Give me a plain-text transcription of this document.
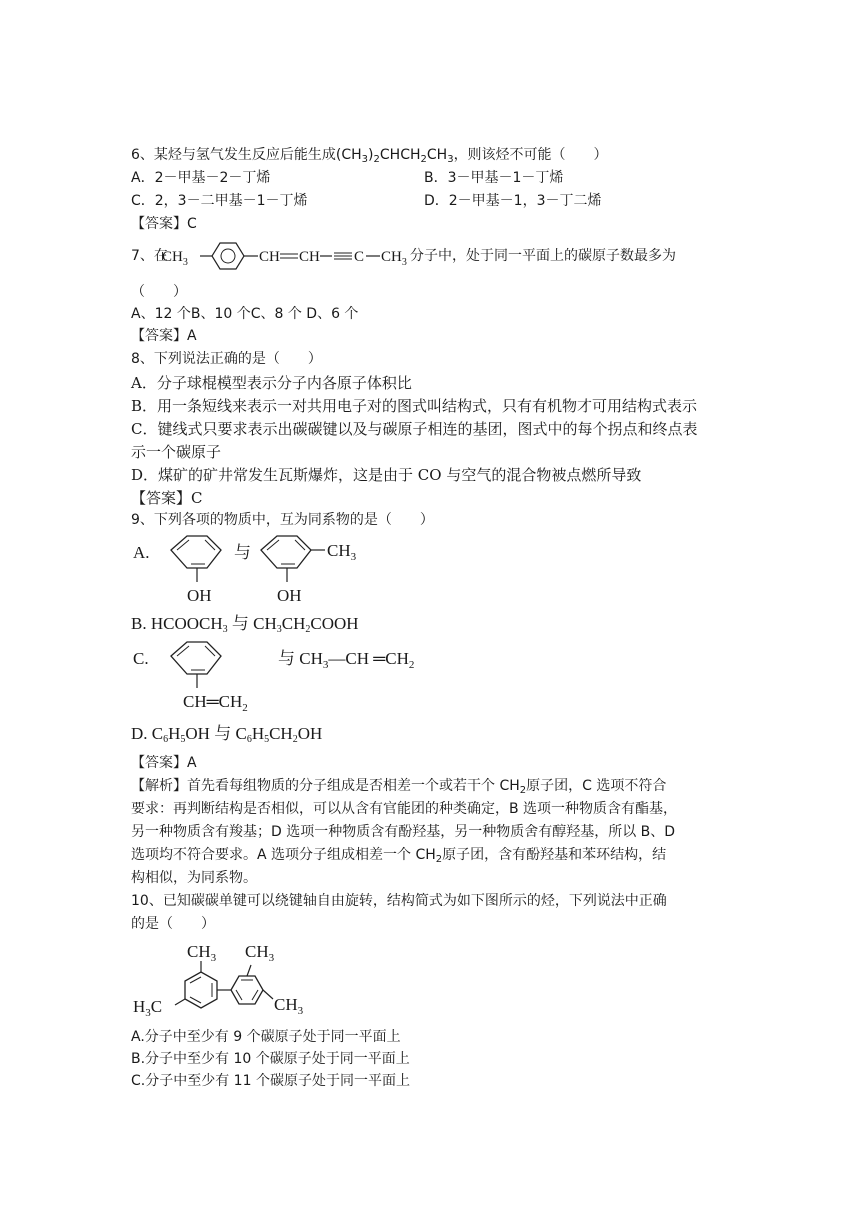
6、某烃与氢气发生反应后能生成$(CH_3)_2CHCH_2CH_3$，则该烃不可能（　　）
A．2－甲基－2－丁烯	B．3－甲基－1－丁烯
C．2，3－二甲基－1－丁烯	D．2－甲基－1，3－丁二烯
【答案】C
7、在
$CH_3$	CH CH C $CH_3$ 分子中，处于同一平面上的碳原子数最多为
（　　）
A、12 个B、10 个C、8 个 D、6 个
【答案】A
8、下列说法正确的是（　　）
A．分子球棍模型表示分子内各原子体积比
B．用一条短线来表示一对共用电子对的图式叫结构式，只有有机物才可用结构式表示
C．键线式只要求表示出碳碳键以及与碳原子相连的基团，图式中的每个拐点和终点表
示一个碳原子
D．煤矿的矿井常发生瓦斯爆炸，这是由于 CO 与空气的混合物被点燃所导致
【答案】C
9、下列各项的物质中，互为同系物的是（　　）
A.
OH
与	$CH_3$
OH
B. $HCOOCH_3$ 与 $CH_3CH_2COOH$
C.
$CH═CH_2$
与 $CH_3—CH$ $═CH_2$
D. $C_6H_5OH$ 与 $C_6H_5CH_2OH$
【答案】A
【解析】首先看每组物质的分子组成是否相差一个或若干个 $CH_2$原子团，C 选项不符合
要求：再判断结构是否相似，可以从含有官能团的种类确定，B 选项一种物质含有酯基，
另一种物质含有羧基；D 选项一种物质含有酚羟基，另一种物质舍有醇羟基，所以 B、D
选项均不符合要求。A 选项分子组成相差一个 $CH_2$原子团，含有酚羟基和苯环结构，结
构相似，为同系物。
10、已知碳碳单键可以绕键轴自由旋转，结构简式为如下图所示的烃，下列说法中正确
的是（　　）
$H_3C$
$CH_3$ $CH_3$
$CH_3$
A.分子中至少有 9 个碳原子处于同一平面上
B.分子中至少有 10 个碳原子处于同一平面上
C.分子中至少有 11 个碳原子处于同一平面上
